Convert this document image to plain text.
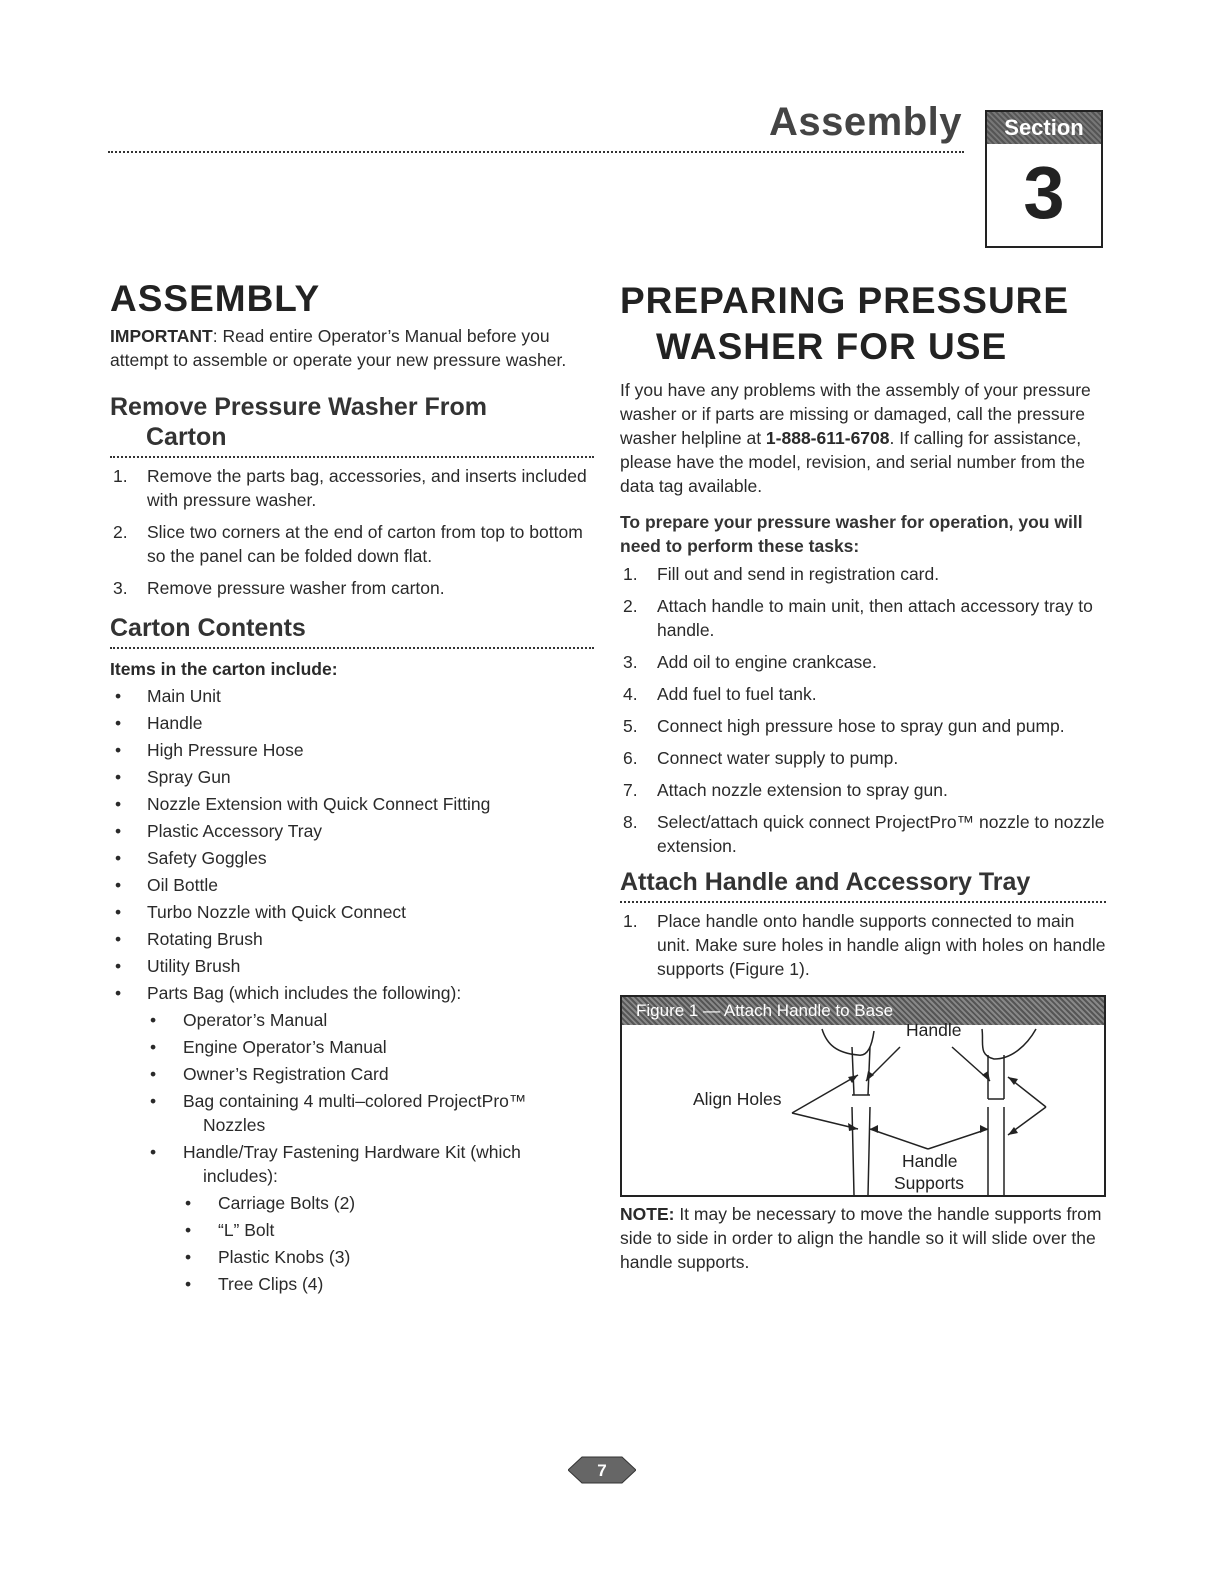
Assembly	Section
3
ASSEMBLY
IMPORTANT: Read entire Operator’s Manual before you attempt to assemble or operate your new pressure washer.
Remove Pressure Washer From
Carton
1. Remove the parts bag, accessories, and inserts included with pressure washer.
2. Slice two corners at the end of carton from top to bottom so the panel can be folded down flat.
3. Remove pressure washer from carton.
Carton Contents
Items in the carton include:
• Main Unit
• Handle
• High Pressure Hose
• Spray Gun
• Nozzle Extension with Quick Connect Fitting
• Plastic Accessory Tray
• Safety Goggles
• Oil Bottle
• Turbo Nozzle with Quick Connect
• Rotating Brush
• Utility Brush
• Parts Bag (which includes the following):
• Operator’s Manual
• Engine Operator’s Manual
• Owner’s Registration Card
• Bag containing 4 multi–colored ProjectPro™
Nozzles
• Handle/Tray Fastening Hardware Kit (which
includes):
• Carriage Bolts (2)
• “L” Bolt
• Plastic Knobs (3)
• Tree Clips (4)
PREPARING PRESSURE
WASHER FOR USE
If you have any problems with the assembly of your pressure washer or if parts are missing or damaged, call the pressure washer helpline at 1-888-611-6708. If calling for assistance, please have the model, revision, and serial number from the data tag available.
To prepare your pressure washer for operation, you will need to perform these tasks:
1. Fill out and send in registration card.
2. Attach handle to main unit, then attach accessory tray to handle.
3. Add oil to engine crankcase.
4. Add fuel to fuel tank.
5. Connect high pressure hose to spray gun and pump.
6. Connect water supply to pump.
7. Attach nozzle extension to spray gun.
8. Select/attach quick connect ProjectPro™ nozzle to nozzle extension.
Attach Handle and Accessory Tray
1. Place handle onto handle supports connected to main unit. Make sure holes in handle align with holes on handle supports (Figure 1).
Figure 1 — Attach Handle to Base
Handle
Align Holes
Handle
Supports
NOTE: It may be necessary to move the handle supports from side to side in order to align the handle so it will slide over the handle supports.
7
